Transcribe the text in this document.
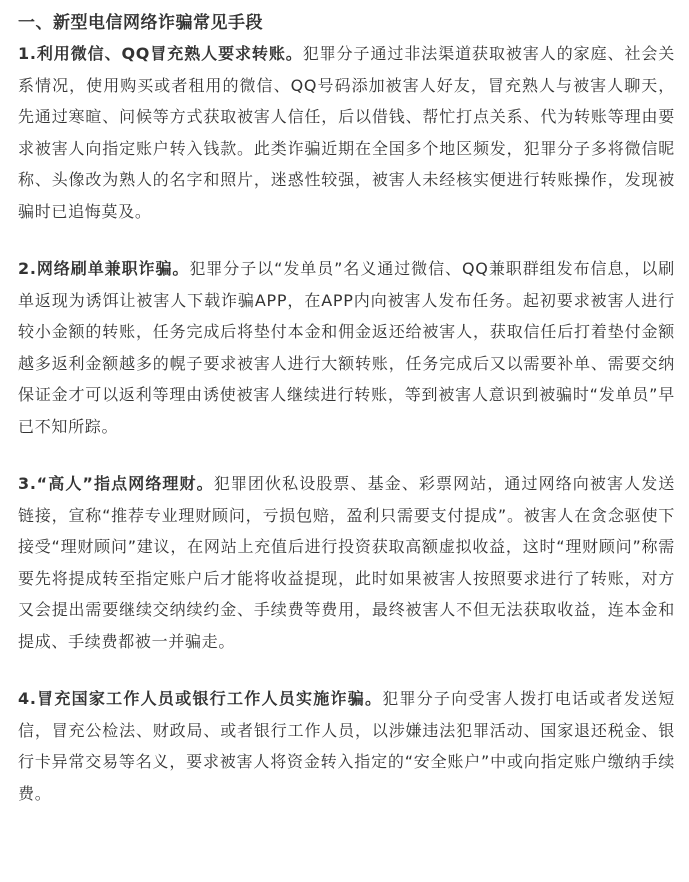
一、新型电信网络诈骗常见手段

1.利用微信、QQ冒充熟人要求转账。犯罪分子通过非法渠道获取被害人的家庭、社会关系情况，使用购买或者租用的微信、QQ号码添加被害人好友，冒充熟人与被害人聊天，先通过寒暄、问候等方式获取被害人信任，后以借钱、帮忙打点关系、代为转账等理由要求被害人向指定账户转入钱款。此类诈骗近期在全国多个地区频发，犯罪分子多将微信昵称、头像改为熟人的名字和照片，迷惑性较强，被害人未经核实便进行转账操作，发现被骗时已追悔莫及。

2.网络刷单兼职诈骗。犯罪分子以“发单员”名义通过微信、QQ兼职群组发布信息，以刷单返现为诱饵让被害人下载诈骗APP，在APP内向被害人发布任务。起初要求被害人进行较小金额的转账，任务完成后将垫付本金和佣金返还给被害人，获取信任后打着垫付金额越多返利金额越多的幌子要求被害人进行大额转账，任务完成后又以需要补单、需要交纳保证金才可以返利等理由诱使被害人继续进行转账，等到被害人意识到被骗时“发单员”早已不知所踪。

3.“高人”指点网络理财。犯罪团伙私设股票、基金、彩票网站，通过网络向被害人发送链接，宣称“推荐专业理财顾问，亏损包赔，盈利只需要支付提成”。被害人在贪念驱使下接受“理财顾问”建议，在网站上充值后进行投资获取高额虚拟收益，这时“理财顾问”称需要先将提成转至指定账户后才能将收益提现，此时如果被害人按照要求进行了转账，对方又会提出需要继续交纳续约金、手续费等费用，最终被害人不但无法获取收益，连本金和提成、手续费都被一并骗走。

4.冒充国家工作人员或银行工作人员实施诈骗。犯罪分子向受害人拨打电话或者发送短信，冒充公检法、财政局、或者银行工作人员，以涉嫌违法犯罪活动、国家退还税金、银行卡异常交易等名义，要求被害人将资金转入指定的“安全账户”中或向指定账户缴纳手续费。
